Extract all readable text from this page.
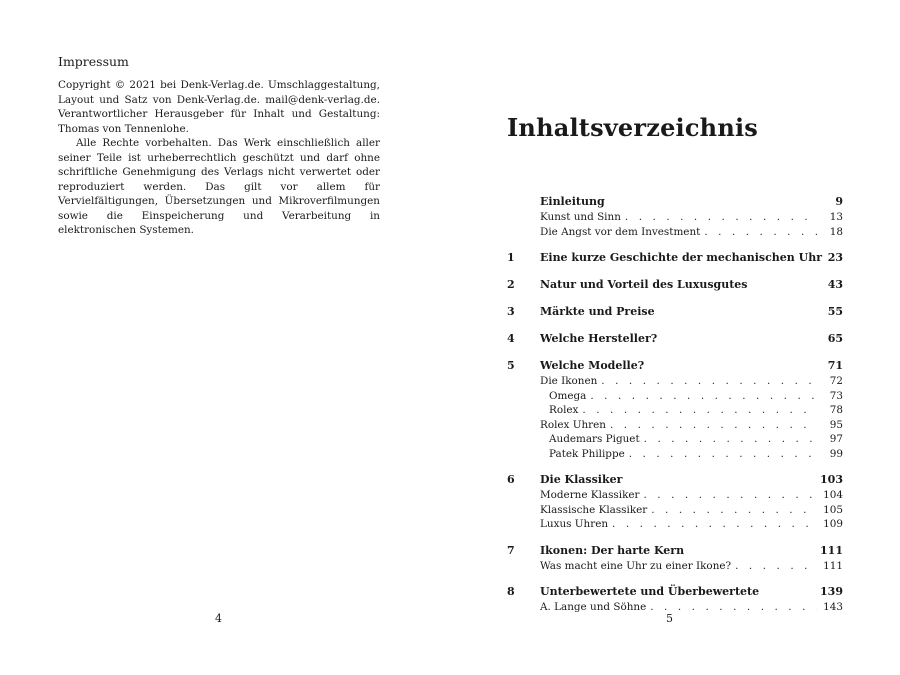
Impressum

Copyright © 2021 bei Denk-Verlag.de. Umschlaggestaltung, Layout und Satz von Denk-Verlag.de. mail@denk-verlag.de. Verantwortlicher Herausgeber für Inhalt und Gestaltung: Thomas von Tennenlohe.

Alle Rechte vorbehalten. Das Werk einschließlich aller seiner Teile ist urheberrechtlich geschützt und darf ohne schriftliche Genehmigung des Verlags nicht verwertet oder reproduziert werden. Das gilt vor allem für Vervielfältigungen, Übersetzungen und Mikroverfilmungen sowie die Einspeicherung und Verarbeitung in elektronischen Systemen.

4
Inhaltsverzeichnis
Einleitung	9
Kunst und Sinn . . .	13
Die Angst vor dem Investment . . .	18
1	Eine kurze Geschichte der mechanischen Uhr 23
2	Natur und Vorteil des Luxusgutes	43
3	Märkte und Preise	55
4	Welche Hersteller?	65
5	Welche Modelle?	71
Die Ikonen . . .	72
Omega . . .	73
Rolex . . .	78
Rolex Uhren . . .	95
Audemars Piguet . . .	97
Patek Philippe . . .	99
6	Die Klassiker	103
Moderne Klassiker . . .	104
Klassische Klassiker . . .	105
Luxus Uhren . . .	109
7	Ikonen: Der harte Kern	111
Was macht eine Uhr zu einer Ikone? . . .	111
8	Unterbewertete und Überbewertete	139
A. Lange und Söhne . . .	143
5
